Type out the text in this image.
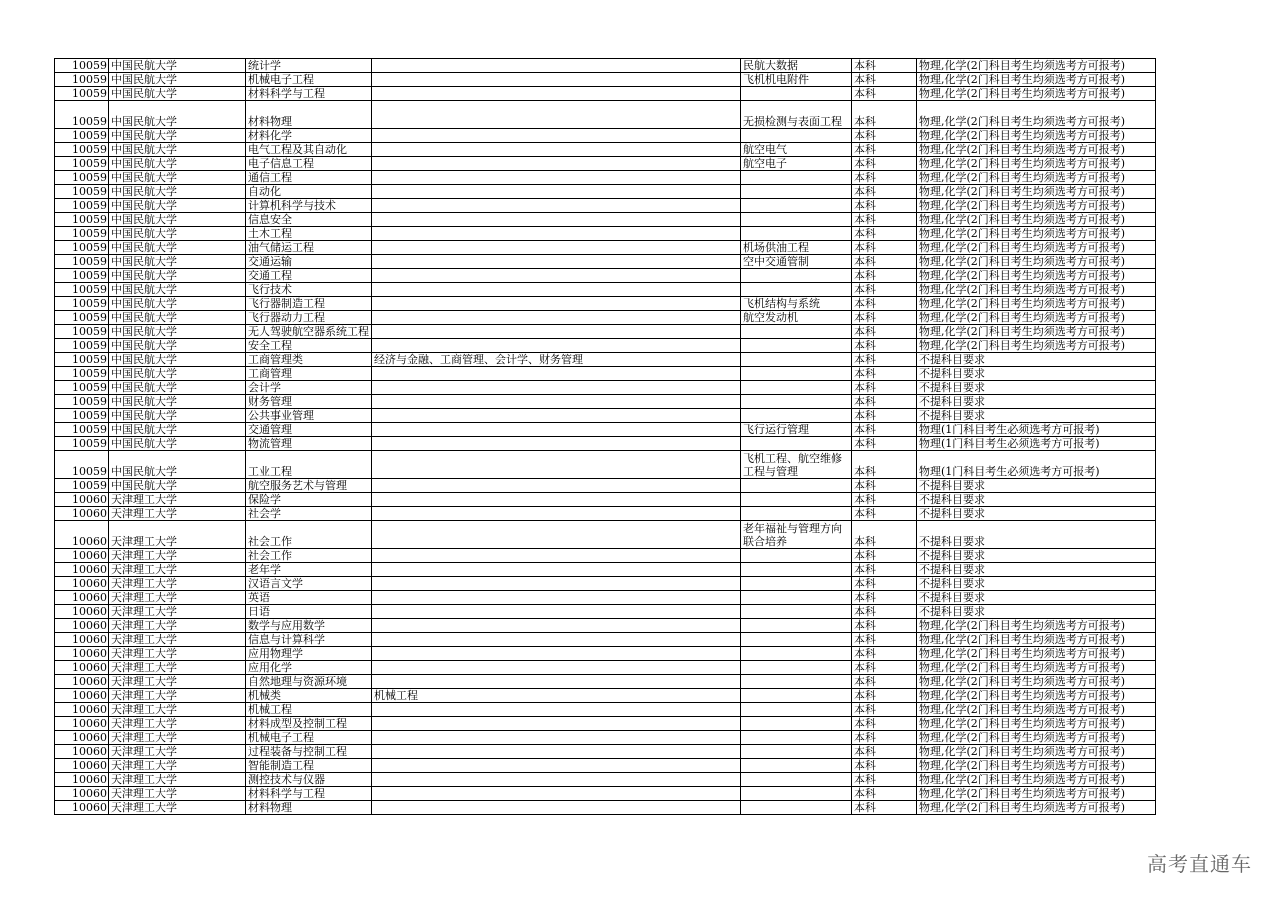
10059	中国民航大学	统计学		民航大数据	本科	物理,化学(2门科目考生均须选考方可报考)
10059	中国民航大学	机械电子工程		飞机机电附件	本科	物理,化学(2门科目考生均须选考方可报考)
10059	中国民航大学	材料科学与工程			本科	物理,化学(2门科目考生均须选考方可报考)
10059	中国民航大学	材料物理		无损检测与表面工程	本科	物理,化学(2门科目考生均须选考方可报考)
10059	中国民航大学	材料化学			本科	物理,化学(2门科目考生均须选考方可报考)
10059	中国民航大学	电气工程及其自动化		航空电气	本科	物理,化学(2门科目考生均须选考方可报考)
10059	中国民航大学	电子信息工程		航空电子	本科	物理,化学(2门科目考生均须选考方可报考)
10059	中国民航大学	通信工程			本科	物理,化学(2门科目考生均须选考方可报考)
10059	中国民航大学	自动化			本科	物理,化学(2门科目考生均须选考方可报考)
10059	中国民航大学	计算机科学与技术			本科	物理,化学(2门科目考生均须选考方可报考)
10059	中国民航大学	信息安全			本科	物理,化学(2门科目考生均须选考方可报考)
10059	中国民航大学	土木工程			本科	物理,化学(2门科目考生均须选考方可报考)
10059	中国民航大学	油气储运工程		机场供油工程	本科	物理,化学(2门科目考生均须选考方可报考)
10059	中国民航大学	交通运输		空中交通管制	本科	物理,化学(2门科目考生均须选考方可报考)
10059	中国民航大学	交通工程			本科	物理,化学(2门科目考生均须选考方可报考)
10059	中国民航大学	飞行技术			本科	物理,化学(2门科目考生均须选考方可报考)
10059	中国民航大学	飞行器制造工程		飞机结构与系统	本科	物理,化学(2门科目考生均须选考方可报考)
10059	中国民航大学	飞行器动力工程		航空发动机	本科	物理,化学(2门科目考生均须选考方可报考)
10059	中国民航大学	无人驾驶航空器系统工程			本科	物理,化学(2门科目考生均须选考方可报考)
10059	中国民航大学	安全工程			本科	物理,化学(2门科目考生均须选考方可报考)
10059	中国民航大学	工商管理类	经济与金融、工商管理、会计学、财务管理		本科	不提科目要求
10059	中国民航大学	工商管理			本科	不提科目要求
10059	中国民航大学	会计学			本科	不提科目要求
10059	中国民航大学	财务管理			本科	不提科目要求
10059	中国民航大学	公共事业管理			本科	不提科目要求
10059	中国民航大学	交通管理		飞行运行管理	本科	物理(1门科目考生必须选考方可报考)
10059	中国民航大学	物流管理			本科	物理(1门科目考生必须选考方可报考)
10059	中国民航大学	工业工程		飞机工程、航空维修工程与管理	本科	物理(1门科目考生必须选考方可报考)
10059	中国民航大学	航空服务艺术与管理			本科	不提科目要求
10060	天津理工大学	保险学			本科	不提科目要求
10060	天津理工大学	社会学			本科	不提科目要求
10060	天津理工大学	社会工作		老年福祉与管理方向联合培养	本科	不提科目要求
10060	天津理工大学	社会工作			本科	不提科目要求
10060	天津理工大学	老年学			本科	不提科目要求
10060	天津理工大学	汉语言文学			本科	不提科目要求
10060	天津理工大学	英语			本科	不提科目要求
10060	天津理工大学	日语			本科	不提科目要求
10060	天津理工大学	数学与应用数学			本科	物理,化学(2门科目考生均须选考方可报考)
10060	天津理工大学	信息与计算科学			本科	物理,化学(2门科目考生均须选考方可报考)
10060	天津理工大学	应用物理学			本科	物理,化学(2门科目考生均须选考方可报考)
10060	天津理工大学	应用化学			本科	物理,化学(2门科目考生均须选考方可报考)
10060	天津理工大学	自然地理与资源环境			本科	物理,化学(2门科目考生均须选考方可报考)
10060	天津理工大学	机械类	机械工程		本科	物理,化学(2门科目考生均须选考方可报考)
10060	天津理工大学	机械工程			本科	物理,化学(2门科目考生均须选考方可报考)
10060	天津理工大学	材料成型及控制工程			本科	物理,化学(2门科目考生均须选考方可报考)
10060	天津理工大学	机械电子工程			本科	物理,化学(2门科目考生均须选考方可报考)
10060	天津理工大学	过程装备与控制工程			本科	物理,化学(2门科目考生均须选考方可报考)
10060	天津理工大学	智能制造工程			本科	物理,化学(2门科目考生均须选考方可报考)
10060	天津理工大学	测控技术与仪器			本科	物理,化学(2门科目考生均须选考方可报考)
10060	天津理工大学	材料科学与工程			本科	物理,化学(2门科目考生均须选考方可报考)
10060	天津理工大学	材料物理			本科	物理,化学(2门科目考生均须选考方可报考)
高考直通车
